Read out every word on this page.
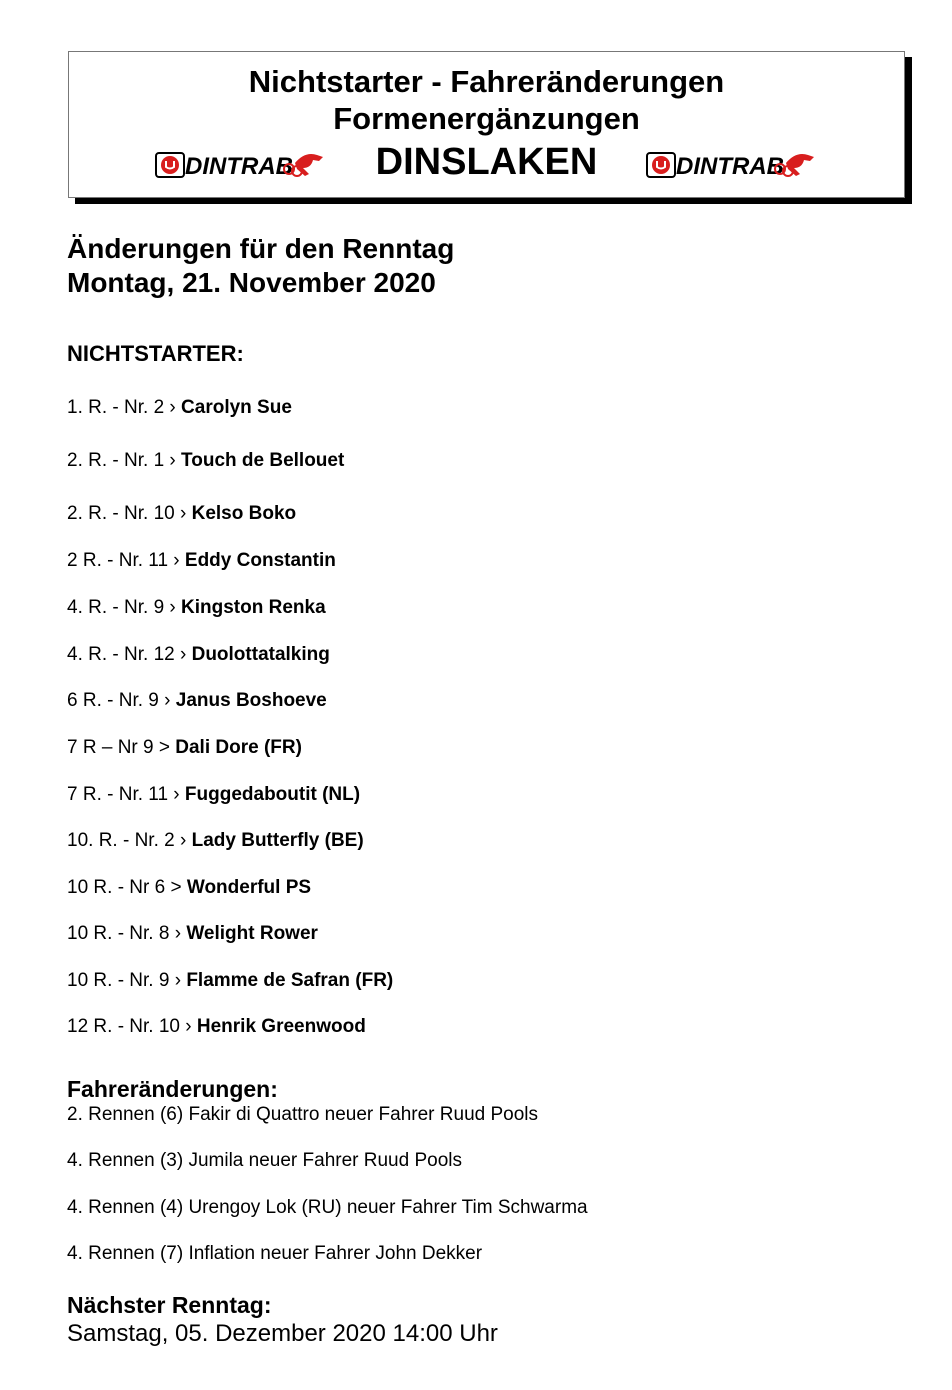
Nichtstarter - Fahreränderungen
Formenergänzungen
DINSLAKEN
DINTRAB	DINTRAB
Änderungen für den Renntag
Montag, 21. November 2020
NICHTSTARTER:
1. R. - Nr. 2 › Carolyn Sue
2. R. - Nr. 1 › Touch de Bellouet
2. R. - Nr. 10 › Kelso Boko
2 R. - Nr. 11 › Eddy Constantin
4. R. - Nr. 9 › Kingston Renka
4. R. - Nr. 12 › Duolottatalking
6 R. - Nr. 9 › Janus Boshoeve
7 R – Nr 9 > Dali Dore (FR)
7 R. - Nr. 11 › Fuggedaboutit (NL)
10. R. - Nr. 2 › Lady Butterfly (BE)
10 R. - Nr 6 > Wonderful PS
10 R. - Nr. 8 › Welight Rower
10 R. - Nr. 9 › Flamme de Safran (FR)
12 R. - Nr. 10 › Henrik Greenwood
Fahreränderungen:
2. Rennen (6) Fakir di Quattro neuer Fahrer Ruud Pools
4. Rennen (3) Jumila neuer Fahrer Ruud Pools
4. Rennen (4) Urengoy Lok (RU) neuer Fahrer Tim Schwarma
4. Rennen (7) Inflation neuer Fahrer John Dekker
Nächster Renntag:
Samstag, 05. Dezember 2020 14:00 Uhr
